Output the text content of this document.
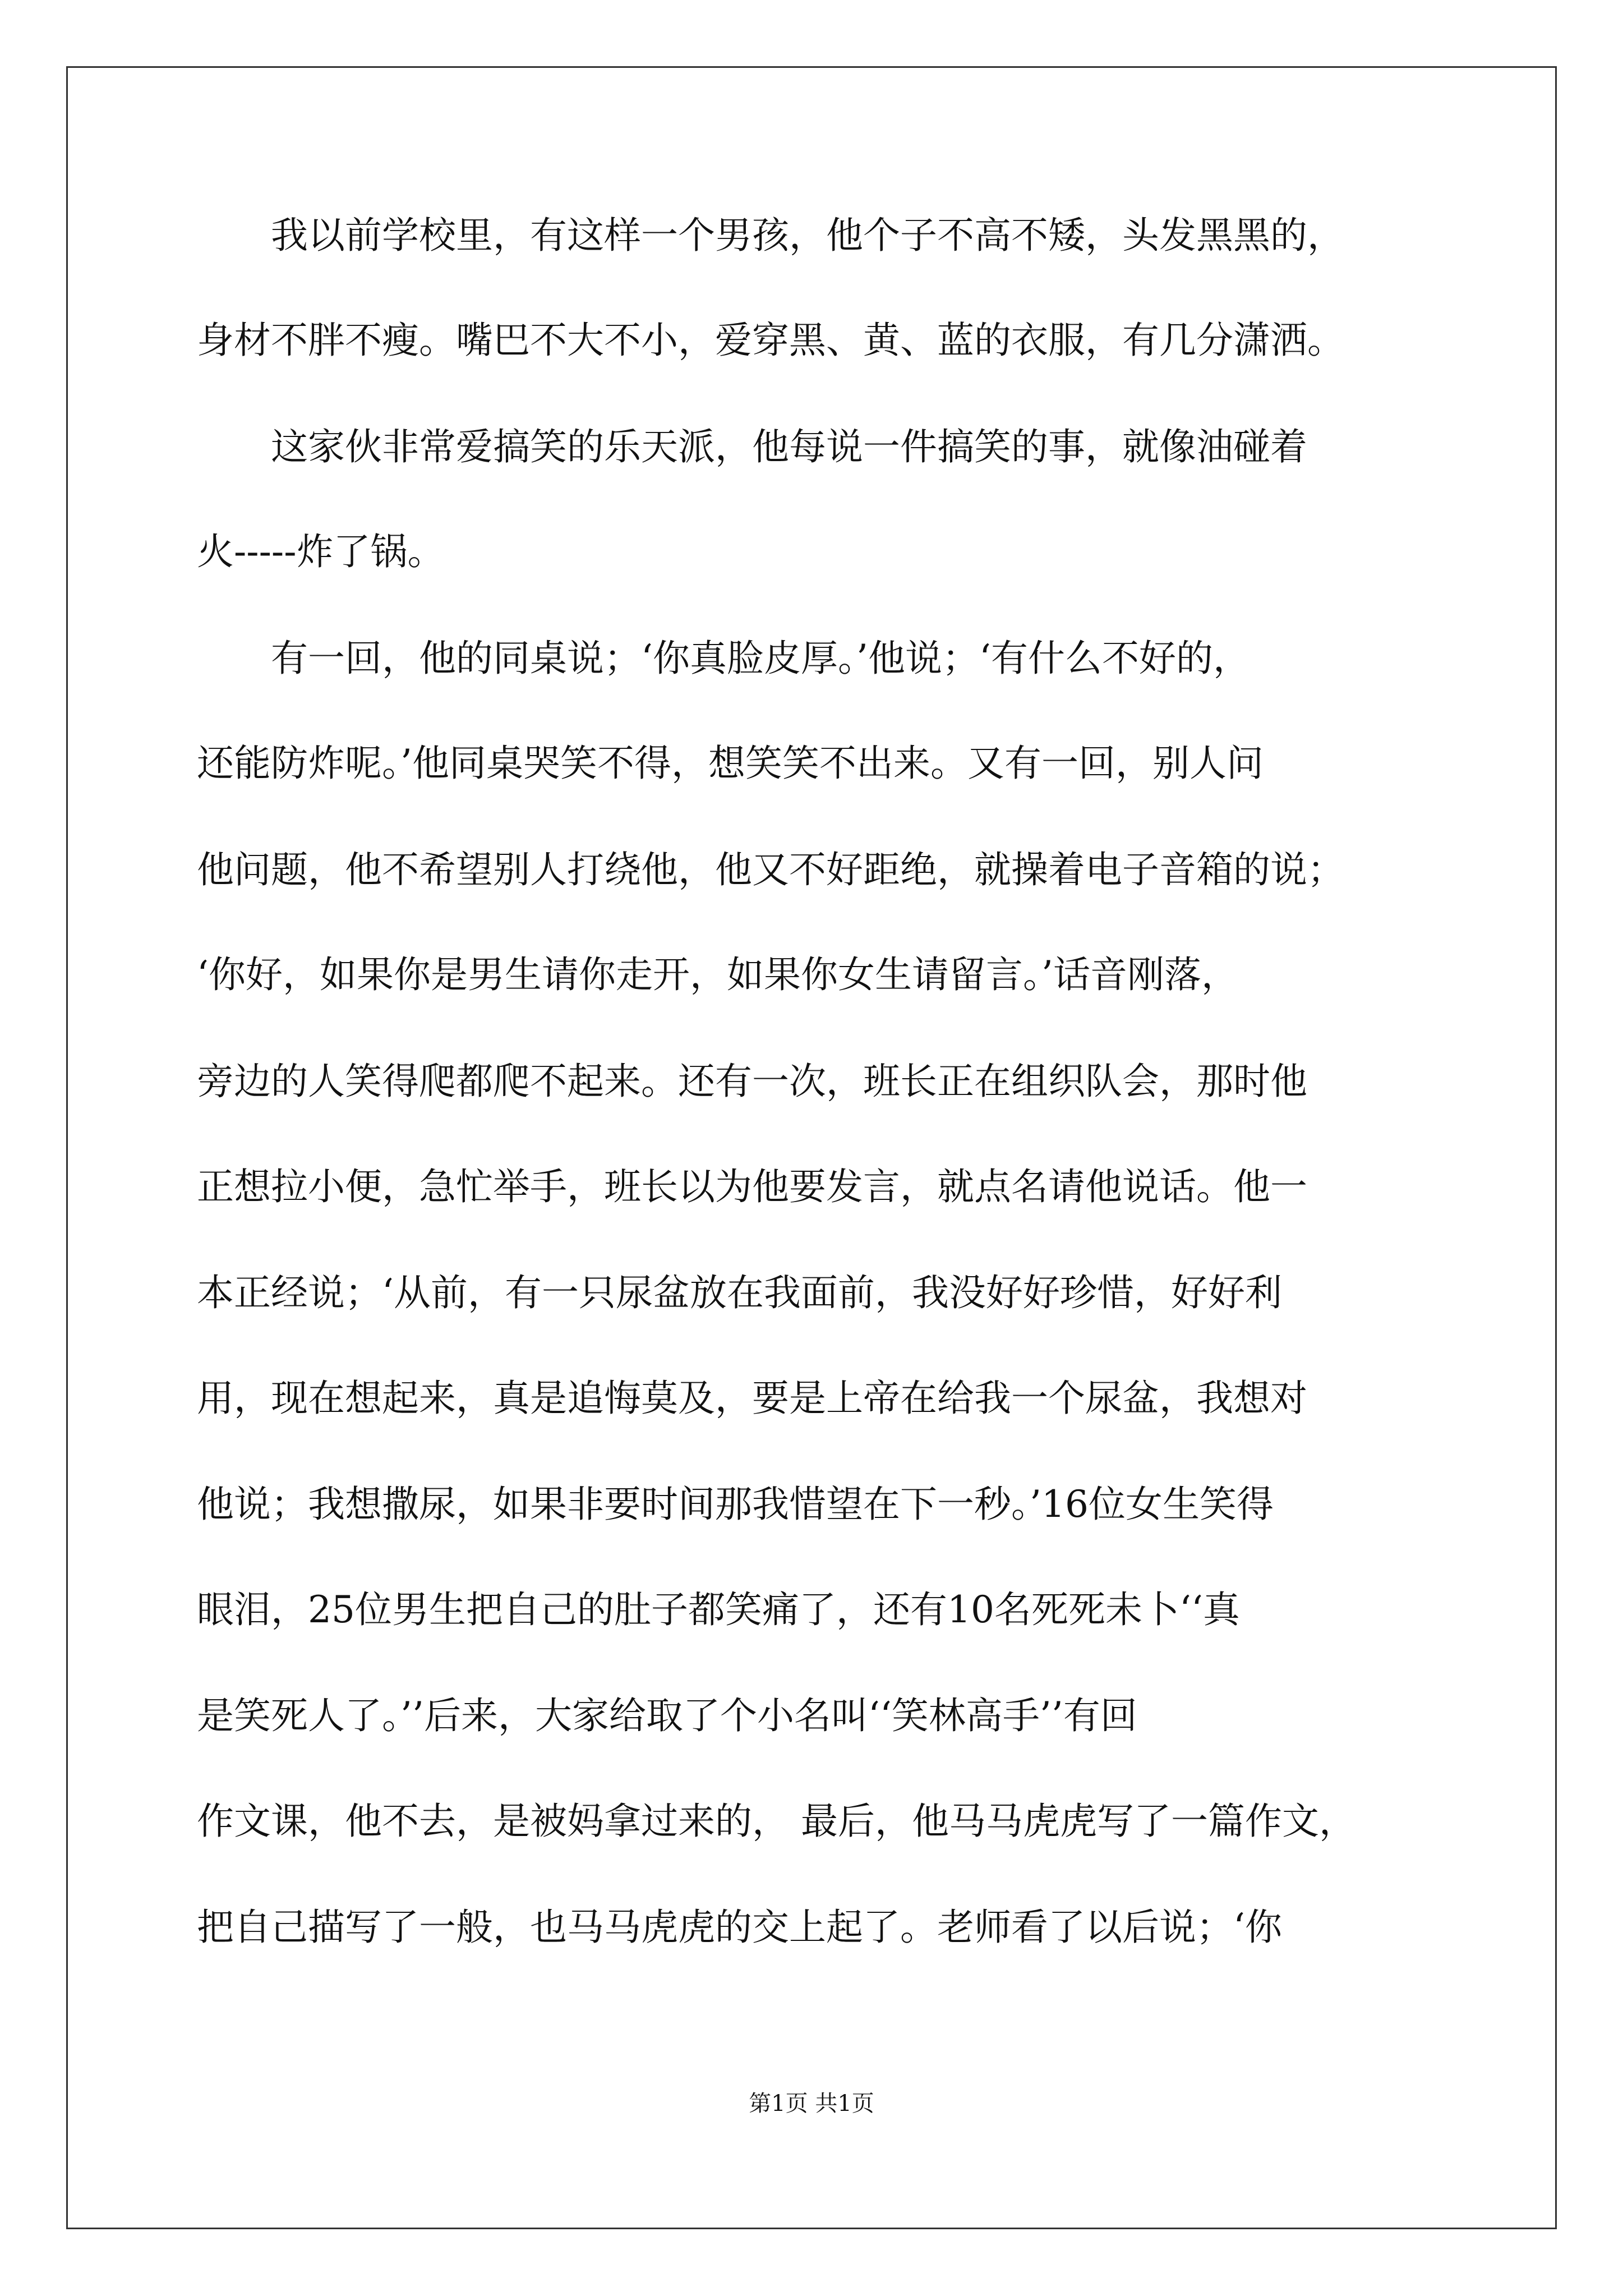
　　我以前学校里，有这样一个男孩，他个子不高不矮，头发黑黑的，
身材不胖不瘦。嘴巴不大不小，爱穿黑、黄、蓝的衣服，有几分潇洒。
　　这家伙非常爱搞笑的乐天派，他每说一件搞笑的事，就像油碰着
火-----炸了锅。
　　有一回，他的同桌说；‘你真脸皮厚。’他说；‘有什么不好的，
还能防炸呢。’他同桌哭笑不得，想笑笑不出来。又有一回，别人问
他问题，他不希望别人打绕他，他又不好距绝，就操着电子音箱的说；
‘你好，如果你是男生请你走开，如果你女生请留言。’话音刚落，
旁边的人笑得爬都爬不起来。还有一次，班长正在组织队会，那时他
正想拉小便，急忙举手，班长以为他要发言，就点名请他说话。他一
本正经说；‘从前，有一只尿盆放在我面前，我没好好珍惜，好好利
用，现在想起来，真是追悔莫及，要是上帝在给我一个尿盆，我想对
他说；我想撒尿，如果非要时间那我惜望在下一秒。’16位女生笑得
眼泪，25位男生把自己的肚子都笑痛了，还有10名死死未卜‘‘真
是笑死人了。’’后来，大家给取了个小名叫‘‘笑林高手’’有回
作文课，他不去，是被妈拿过来的， 最后，他马马虎虎写了一篇作文，
把自己描写了一般，也马马虎虎的交上起了。老师看了以后说；‘你
第1页 共1页
